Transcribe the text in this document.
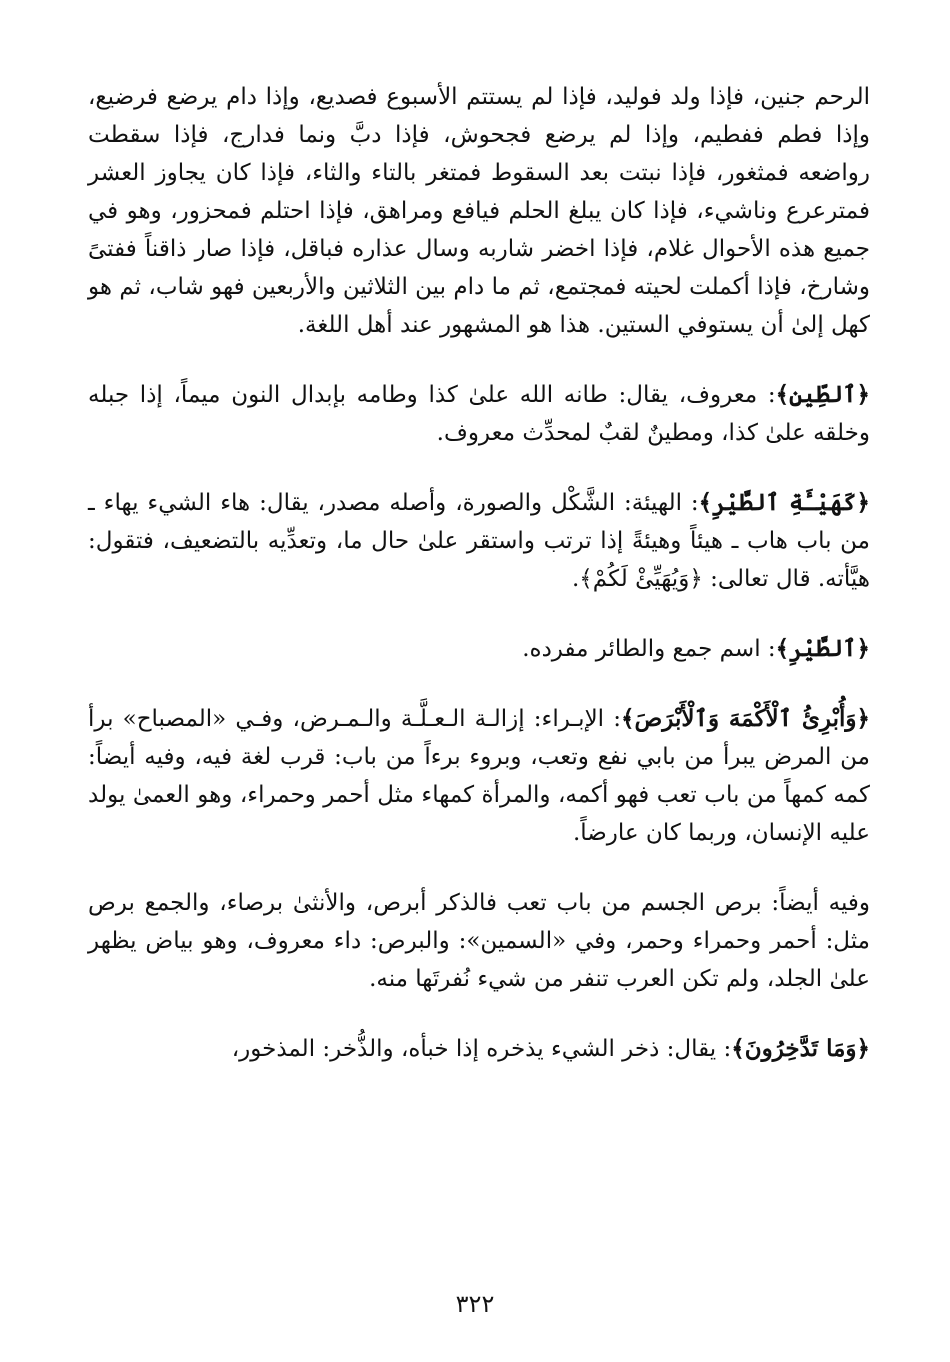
الرحم جنين، فإذا ولد فوليد، فإذا لم يستتم الأسبوع فصديع، وإذا دام يرضع فرضيع، وإذا فطم ففطيم، وإذا لم يرضع فجحوش، فإذا دبَّ ونما فدارج، فإذا سقطت رواضعه فمثغور، فإذا نبتت بعد السقوط فمتغر بالتاء والثاء، فإذا كان يجاوز العشر فمترعرع وناشيء، فإذا كان يبلغ الحلم فيافع ومراهق، فإذا احتلم فمحزور، وهو في جميع هذه الأحوال غلام، فإذا اخضر شاربه وسال عذاره فباقل، فإذا صار ذاقناً ففتىً وشارخ، فإذا أكملت لحيته فمجتمع، ثم ما دام بين الثلاثين والأربعين فهو شاب، ثم هو كهل إلىٰ أن يستوفي الستين. هذا هو المشهور عند أهل اللغة.

﴿ٱلطِّينِ﴾: معروف، يقال: طانه الله علىٰ كذا وطامه بإبدال النون ميماً، إذا جبله وخلقه علىٰ كذا، ومطينٌ لقبٌ لمحدِّث معروف.

﴿كَهَيْـَٔةِ ٱلطَّيْرِ﴾: الهيئة: الشَّكْل والصورة، وأصله مصدر، يقال: هاء الشيء يهاء ـ من باب هاب ـ هيئاً وهيئةً إذا ترتب واستقر علىٰ حال ما، وتعدِّيه بالتضعيف، فتقول: هيَّأته. قال تعالى: ﴿وَيُهَيِّئْ لَكُمْ﴾.

﴿ٱلطَّيْرِ﴾: اسم جمع والطائر مفرده.

﴿وَأُبْرِئُ ٱلْأَكْمَهَ وَٱلْأَبْرَصَ﴾: الإبـراء: إزالـة الـعـلَّـة والـمـرض، وفـي «المصباح» برأ من المرض يبرأ من بابي نفع وتعب، وبروء برءاً من باب: قرب لغة فيه، وفيه أيضاً: كمه كمهاً من باب تعب فهو أكمه، والمرأة كمهاء مثل أحمر وحمراء، وهو العمىٰ يولد عليه الإنسان، وربما كان عارضاً.

وفيه أيضاً: برص الجسم من باب تعب فالذكر أبرص، والأنثىٰ برصاء، والجمع برص مثل: أحمر وحمراء وحمر، وفي «السمين»: والبرص: داء معروف، وهو بياض يظهر علىٰ الجلد، ولم تكن العرب تنفر من شيء نُفرتَها منه.

﴿وَمَا تَدَّخِرُونَ﴾: يقال: ذخر الشيء يذخره إذا خبأه، والذُّخر: المذخور،

٣٢٢
